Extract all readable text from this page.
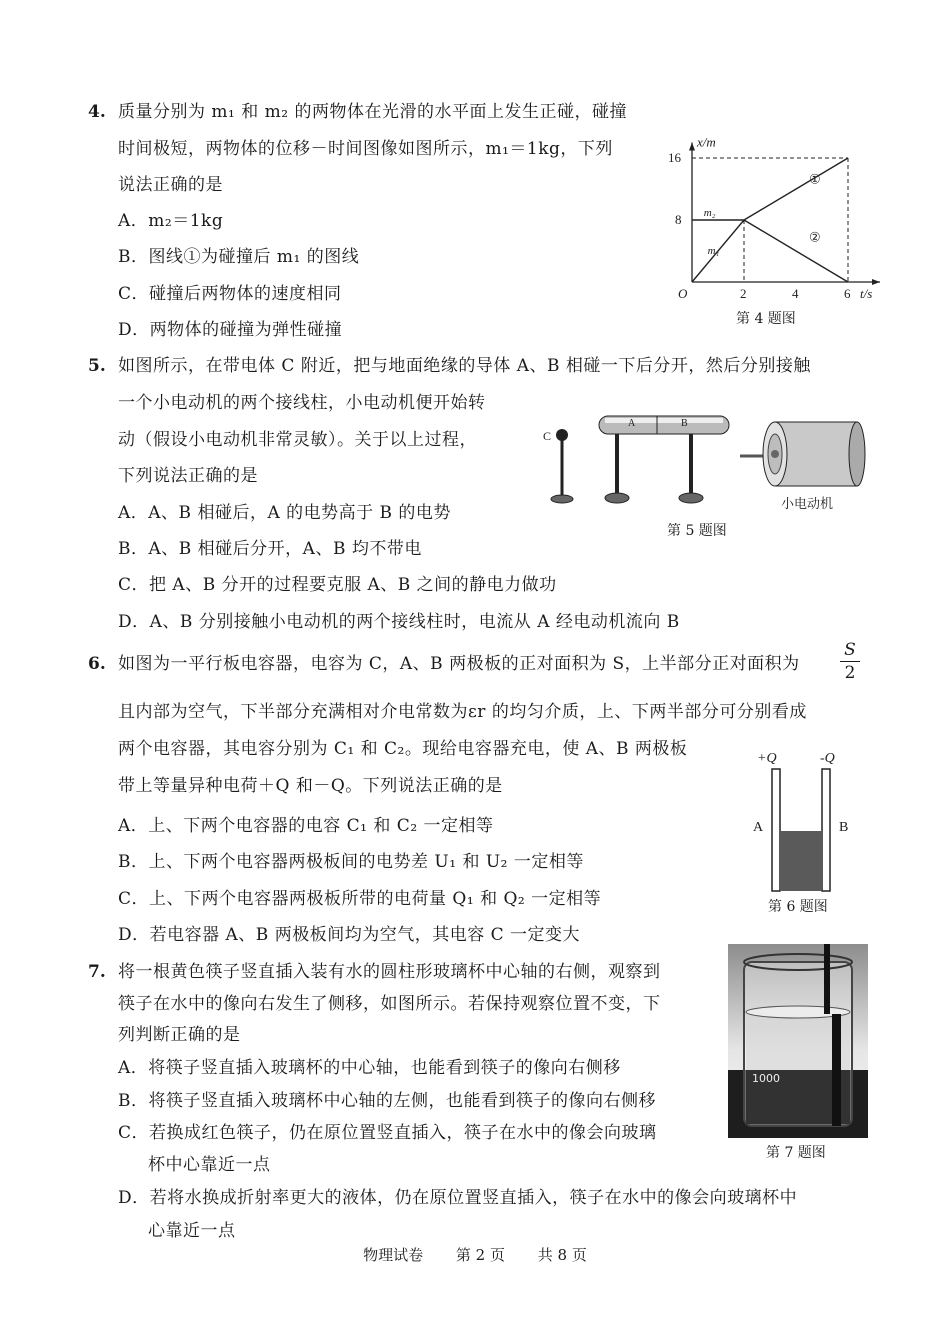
4. 质量分别为 m₁ 和 m₂ 的两物体在光滑的水平面上发生正碰，碰撞
时间极短，两物体的位移－时间图像如图所示，m₁＝1kg，下列
说法正确的是
A．m₂＝1kg
B．图线①为碰撞后 m₁ 的图线
C．碰撞后两物体的速度相同
D．两物体的碰撞为弹性碰撞
x/m
t/s
O	2	4	6
8
16
m₂
m₁
①
②
第 4 题图
5. 如图所示，在带电体 C 附近，把与地面绝缘的导体 A、B 相碰一下后分开，然后分别接触
一个小电动机的两个接线柱，小电动机便开始转
动（假设小电动机非常灵敏）。关于以上过程，
下列说法正确的是
A．A、B 相碰后，A 的电势高于 B 的电势
B．A、B 相碰后分开，A、B 均不带电
C．把 A、B 分开的过程要克服 A、B 之间的静电力做功
D．A、B 分别接触小电动机的两个接线柱时，电流从 A 经电动机流向 B
C
A	B
小电动机
第 5 题图
6. 如图为一平行板电容器，电容为 C，A、B 两极板的正对面积为 S，上半部分正对面积为 $\frac{S}{2}$
且内部为空气，下半部分充满相对介电常数为εr 的均匀介质，上、下两半部分可分别看成
两个电容器，其电容分别为 C₁ 和 C₂。现给电容器充电，使 A、B 两极板
带上等量异种电荷＋Q 和－Q。下列说法正确的是
A．上、下两个电容器的电容 C₁ 和 C₂ 一定相等
B．上、下两个电容器两极板间的电势差 U₁ 和 U₂ 一定相等
C．上、下两个电容器两极板所带的电荷量 Q₁ 和 Q₂ 一定相等
D．若电容器 A、B 两极板间均为空气，其电容 C 一定变大
+Q	-Q
A	B
第 6 题图
7. 将一根黄色筷子竖直插入装有水的圆柱形玻璃杯中心轴的右侧，观察到
筷子在水中的像向右发生了侧移，如图所示。若保持观察位置不变，下
列判断正确的是
A．将筷子竖直插入玻璃杯的中心轴，也能看到筷子的像向右侧移
B．将筷子竖直插入玻璃杯中心轴的左侧，也能看到筷子的像向右侧移
C．若换成红色筷子，仍在原位置竖直插入，筷子在水中的像会向玻璃
杯中心靠近一点
D．若将水换成折射率更大的液体，仍在原位置竖直插入，筷子在水中的像会向玻璃杯中
心靠近一点
1000
第 7 题图
物理试卷 第 2 页 共 8 页
